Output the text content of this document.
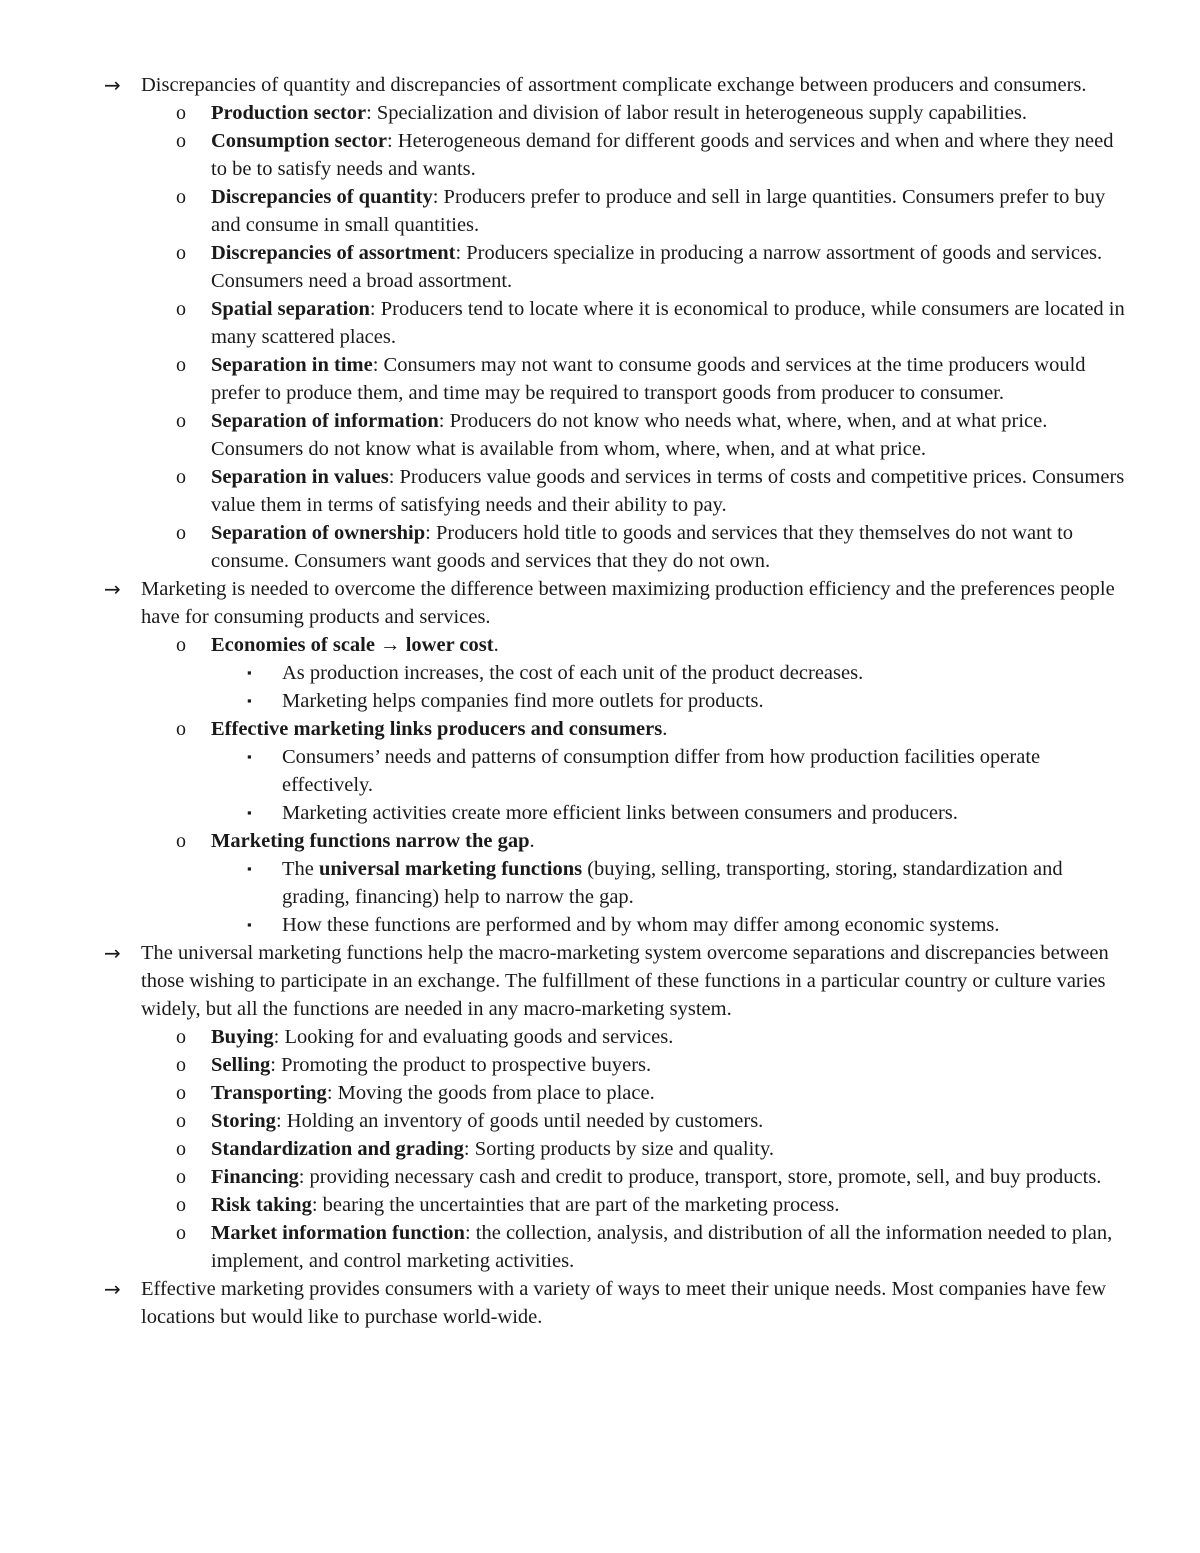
→ Discrepancies of quantity and discrepancies of assortment complicate exchange between producers and consumers.
o Production sector: Specialization and division of labor result in heterogeneous supply capabilities.
o Consumption sector: Heterogeneous demand for different goods and services and when and where they need to be to satisfy needs and wants.
o Discrepancies of quantity: Producers prefer to produce and sell in large quantities. Consumers prefer to buy and consume in small quantities.
o Discrepancies of assortment: Producers specialize in producing a narrow assortment of goods and services. Consumers need a broad assortment.
o Spatial separation: Producers tend to locate where it is economical to produce, while consumers are located in many scattered places.
o Separation in time: Consumers may not want to consume goods and services at the time producers would prefer to produce them, and time may be required to transport goods from producer to consumer.
o Separation of information: Producers do not know who needs what, where, when, and at what price. Consumers do not know what is available from whom, where, when, and at what price.
o Separation in values: Producers value goods and services in terms of costs and competitive prices. Consumers value them in terms of satisfying needs and their ability to pay.
o Separation of ownership: Producers hold title to goods and services that they themselves do not want to consume. Consumers want goods and services that they do not own.
→ Marketing is needed to overcome the difference between maximizing production efficiency and the preferences people have for consuming products and services.
o Economies of scale → lower cost.
▪ As production increases, the cost of each unit of the product decreases.
▪ Marketing helps companies find more outlets for products.
o Effective marketing links producers and consumers.
▪ Consumers’ needs and patterns of consumption differ from how production facilities operate effectively.
▪ Marketing activities create more efficient links between consumers and producers.
o Marketing functions narrow the gap.
▪ The universal marketing functions (buying, selling, transporting, storing, standardization and grading, financing) help to narrow the gap.
▪ How these functions are performed and by whom may differ among economic systems.
→ The universal marketing functions help the macro-marketing system overcome separations and discrepancies between those wishing to participate in an exchange. The fulfillment of these functions in a particular country or culture varies widely, but all the functions are needed in any macro-marketing system.
o Buying: Looking for and evaluating goods and services.
o Selling: Promoting the product to prospective buyers.
o Transporting: Moving the goods from place to place.
o Storing: Holding an inventory of goods until needed by customers.
o Standardization and grading: Sorting products by size and quality.
o Financing: providing necessary cash and credit to produce, transport, store, promote, sell, and buy products.
o Risk taking: bearing the uncertainties that are part of the marketing process.
o Market information function: the collection, analysis, and distribution of all the information needed to plan, implement, and control marketing activities.
→ Effective marketing provides consumers with a variety of ways to meet their unique needs. Most companies have few locations but would like to purchase world-wide.
